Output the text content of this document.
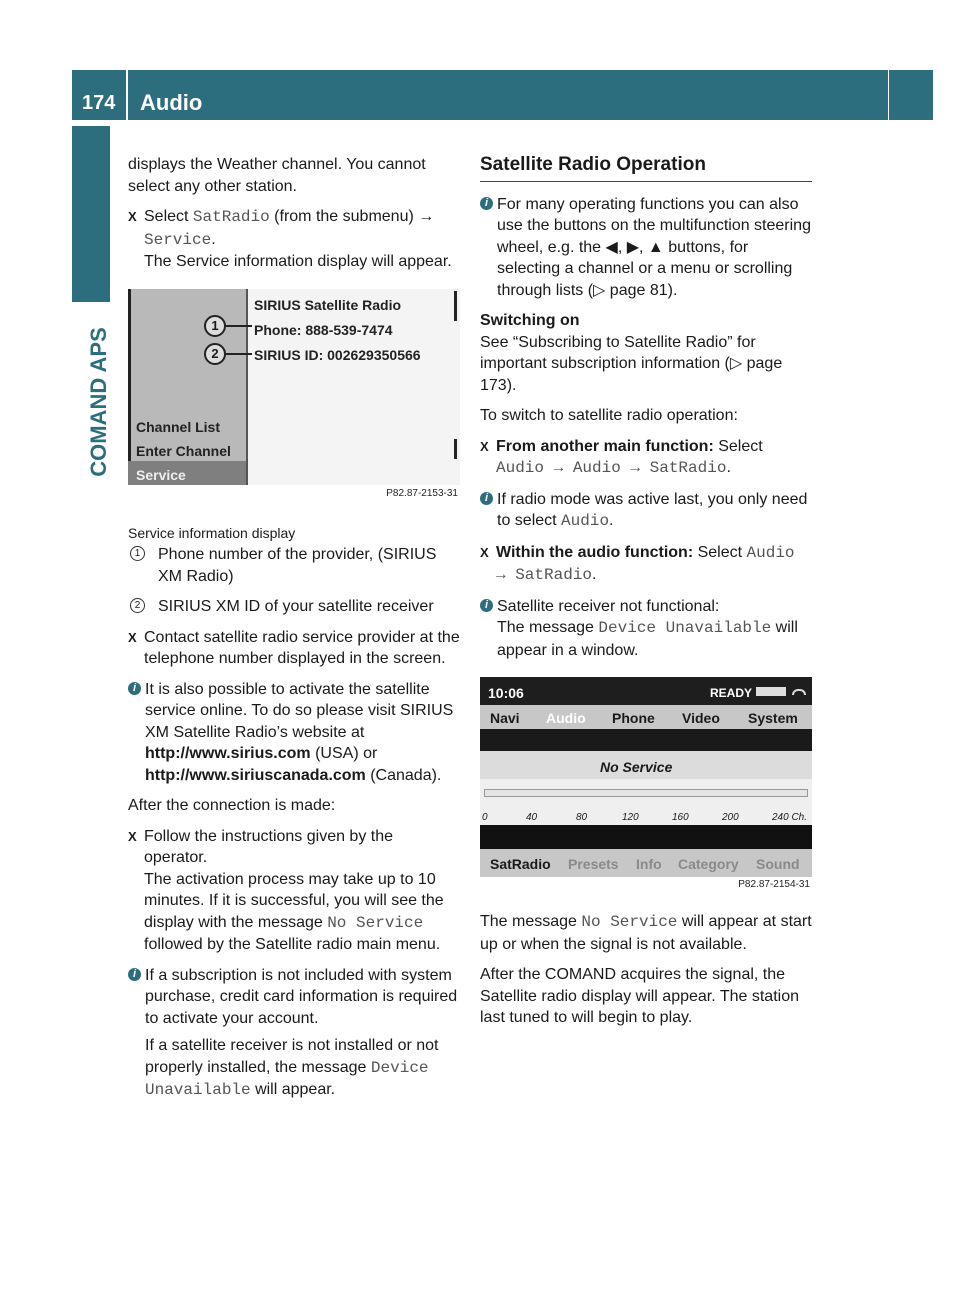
174 Audio
COMAND APS

displays the Weather channel. You cannot select any other station.

X Select SatRadio (from the submenu) →
Service.
The Service information display will appear.

SIRIUS Satellite Radio
Phone: 888-539-7474
SIRIUS ID: 002629350566
1
2
Channel List
Enter Channel
Service
P82.87-2153-31

Service information display

1 Phone number of the provider, (SIRIUS XM Radio)

2 SIRIUS XM ID of your satellite receiver

X Contact satellite radio service provider at the telephone number displayed in the screen.

i It is also possible to activate the satellite service online. To do so please visit SIRIUS XM Satellite Radio’s website at http://www.sirius.com (USA) or http://www.siriuscanada.com (Canada).

After the connection is made:

X Follow the instructions given by the operator.
The activation process may take up to 10 minutes. If it is successful, you will see the display with the message No Service followed by the Satellite radio main menu.

i If a subscription is not included with system purchase, credit card information is required to activate your account.

If a satellite receiver is not installed or not properly installed, the message Device Unavailable will appear.

Satellite Radio Operation

i For many operating functions you can also use the buttons on the multifunction steering wheel, e.g. the ◀, ▶, ▲ buttons, for selecting a channel or a menu or scrolling through lists (▷ page 81).

Switching on

See “Subscribing to Satellite Radio” for important subscription information (▷ page 173).

To switch to satellite radio operation:

X From another main function: Select
Audio → Audio → SatRadio.

i If radio mode was active last, you only need to select Audio.

X Within the audio function: Select Audio → SatRadio.

i Satellite receiver not functional:
The message Device Unavailable will appear in a window.

10:06	READY
Navi Audio Phone Video System
No Service
0	40	80	120	160	200	240 Ch.
SatRadio Presets Info Category Sound
P82.87-2154-31

The message No Service will appear at start up or when the signal is not available.

After the COMAND acquires the signal, the Satellite radio display will appear. The station last tuned to will begin to play.
